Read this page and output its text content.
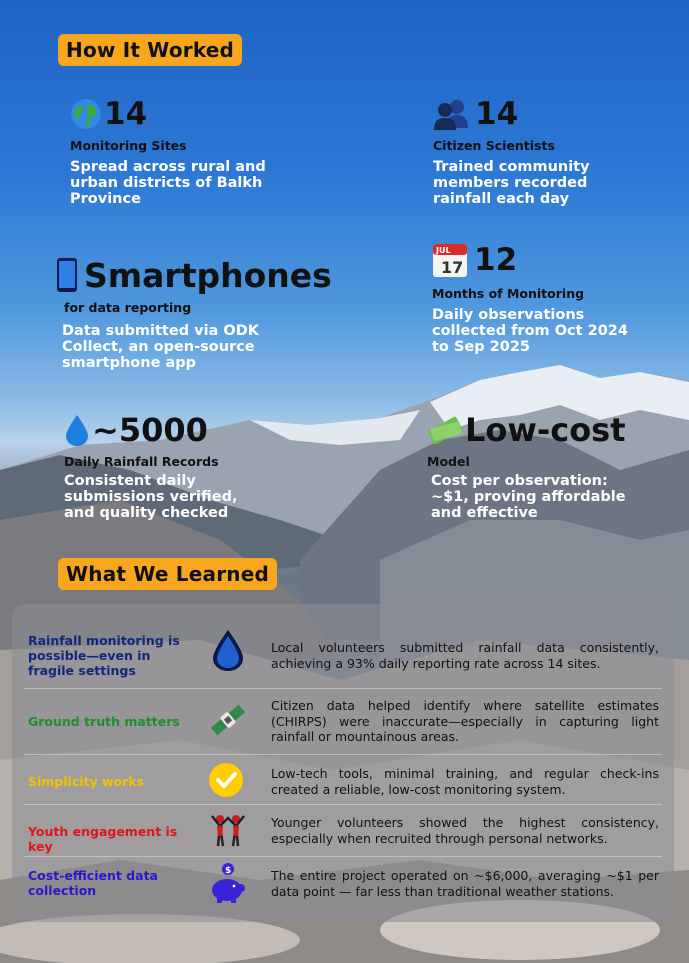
How It Worked
14
Monitoring Sites
Spread across rural and urban districts of Balkh Province
14
Citizen Scientists
Trained community members recorded rainfall each day
Smartphones
for data reporting
Data submitted via ODK Collect, an open-source smartphone app
JUL
17 12
Months of Monitoring
Daily observations collected from Oct 2024 to Sep 2025
~5000
Daily Rainfall Records
Consistent daily submissions verified, and quality checked
Low-cost
Model
Cost per observation: ~$1, proving affordable and effective
What We Learned
Rainfall monitoring is possible—even in fragile settings
Local volunteers submitted rainfall data consistently, achieving a 93% daily reporting rate across 14 sites.
Ground truth matters
Citizen data helped identify where satellite estimates (CHIRPS) were inaccurate—especially in capturing light rainfall or mountainous areas.
Simplicity works
Low-tech tools, minimal training, and regular check-ins created a reliable, low-cost monitoring system.
Youth engagement is key
Younger volunteers showed the highest consistency, especially when recruited through personal networks.
Cost-efficient data collection
$	The entire project operated on ~$6,000, averaging ~$1 per data point — far less than traditional weather stations.
